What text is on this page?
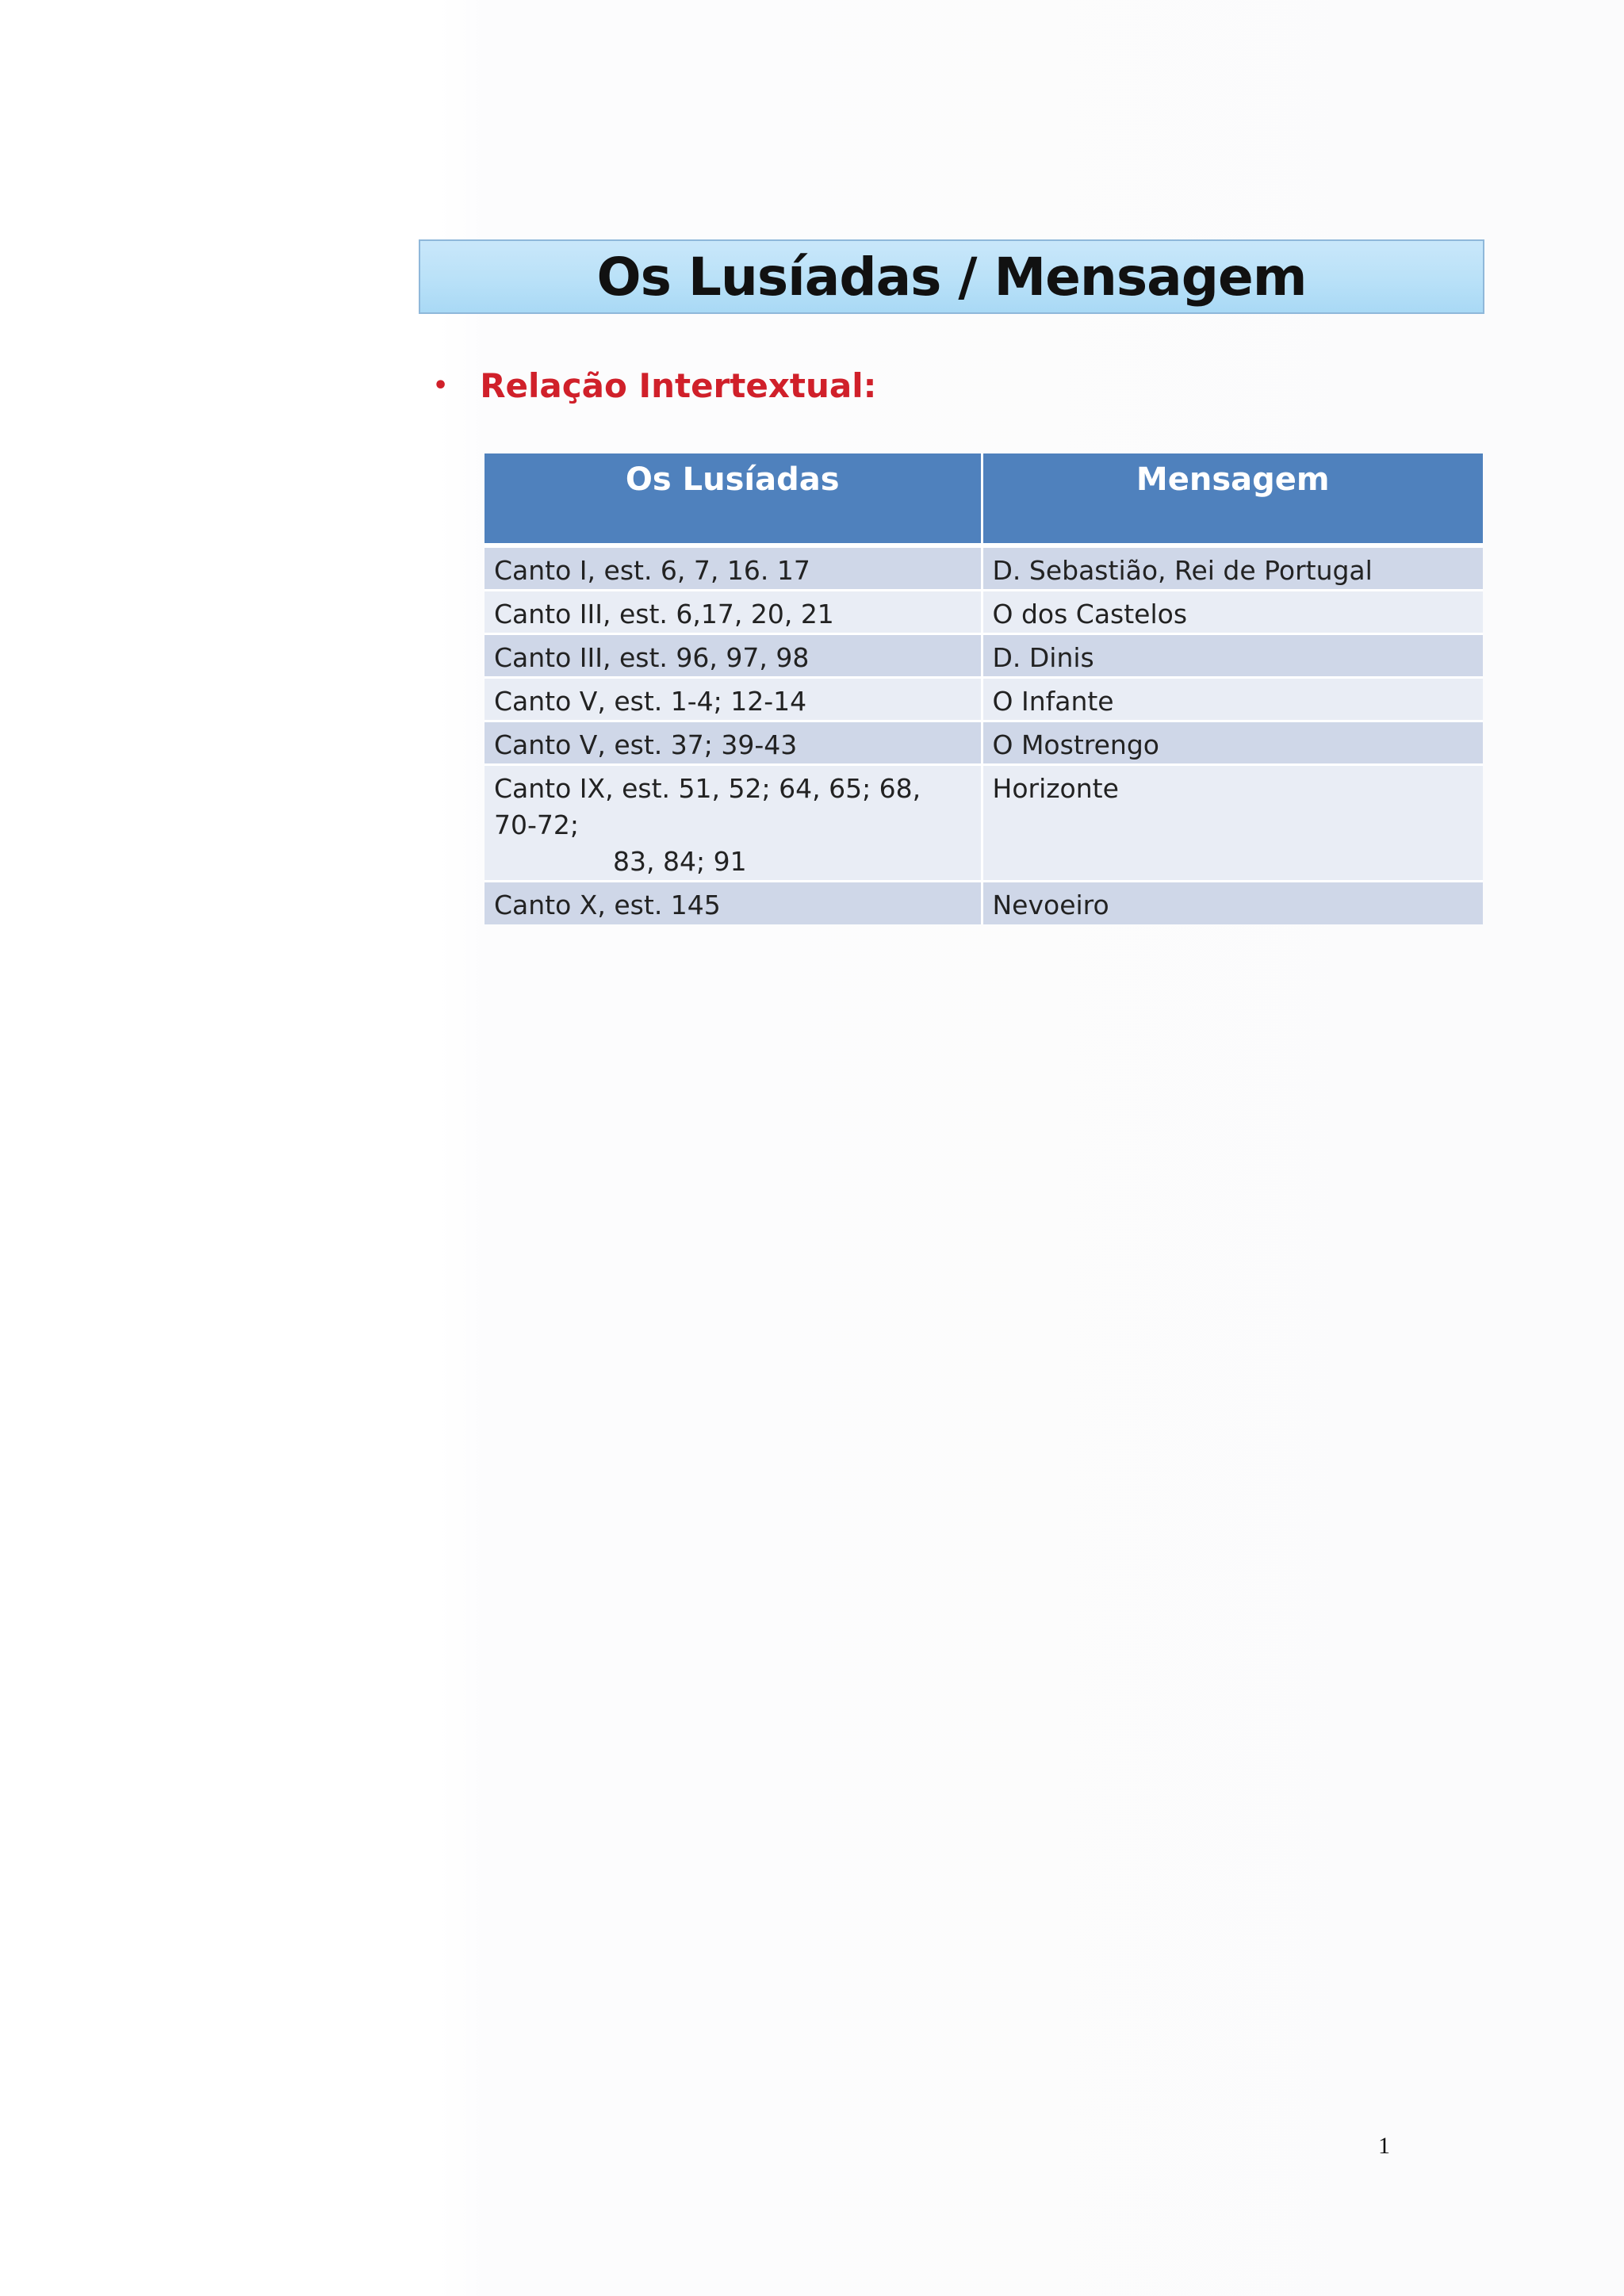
Os Lusíadas / Mensagem
• Relação Intertextual:
Os Lusíadas	Mensagem
Canto I, est. 6, 7, 16. 17	D. Sebastião, Rei de Portugal
Canto III, est. 6,17, 20, 21	O dos Castelos
Canto III, est. 96, 97, 98	D. Dinis
Canto V, est. 1-4; 12-14	O Infante
Canto V, est. 37; 39-43	O Mostrengo
Canto IX, est. 51, 52; 64, 65; 68, 70-72;
83, 84; 91	Horizonte
Canto X, est. 145	Nevoeiro
1
